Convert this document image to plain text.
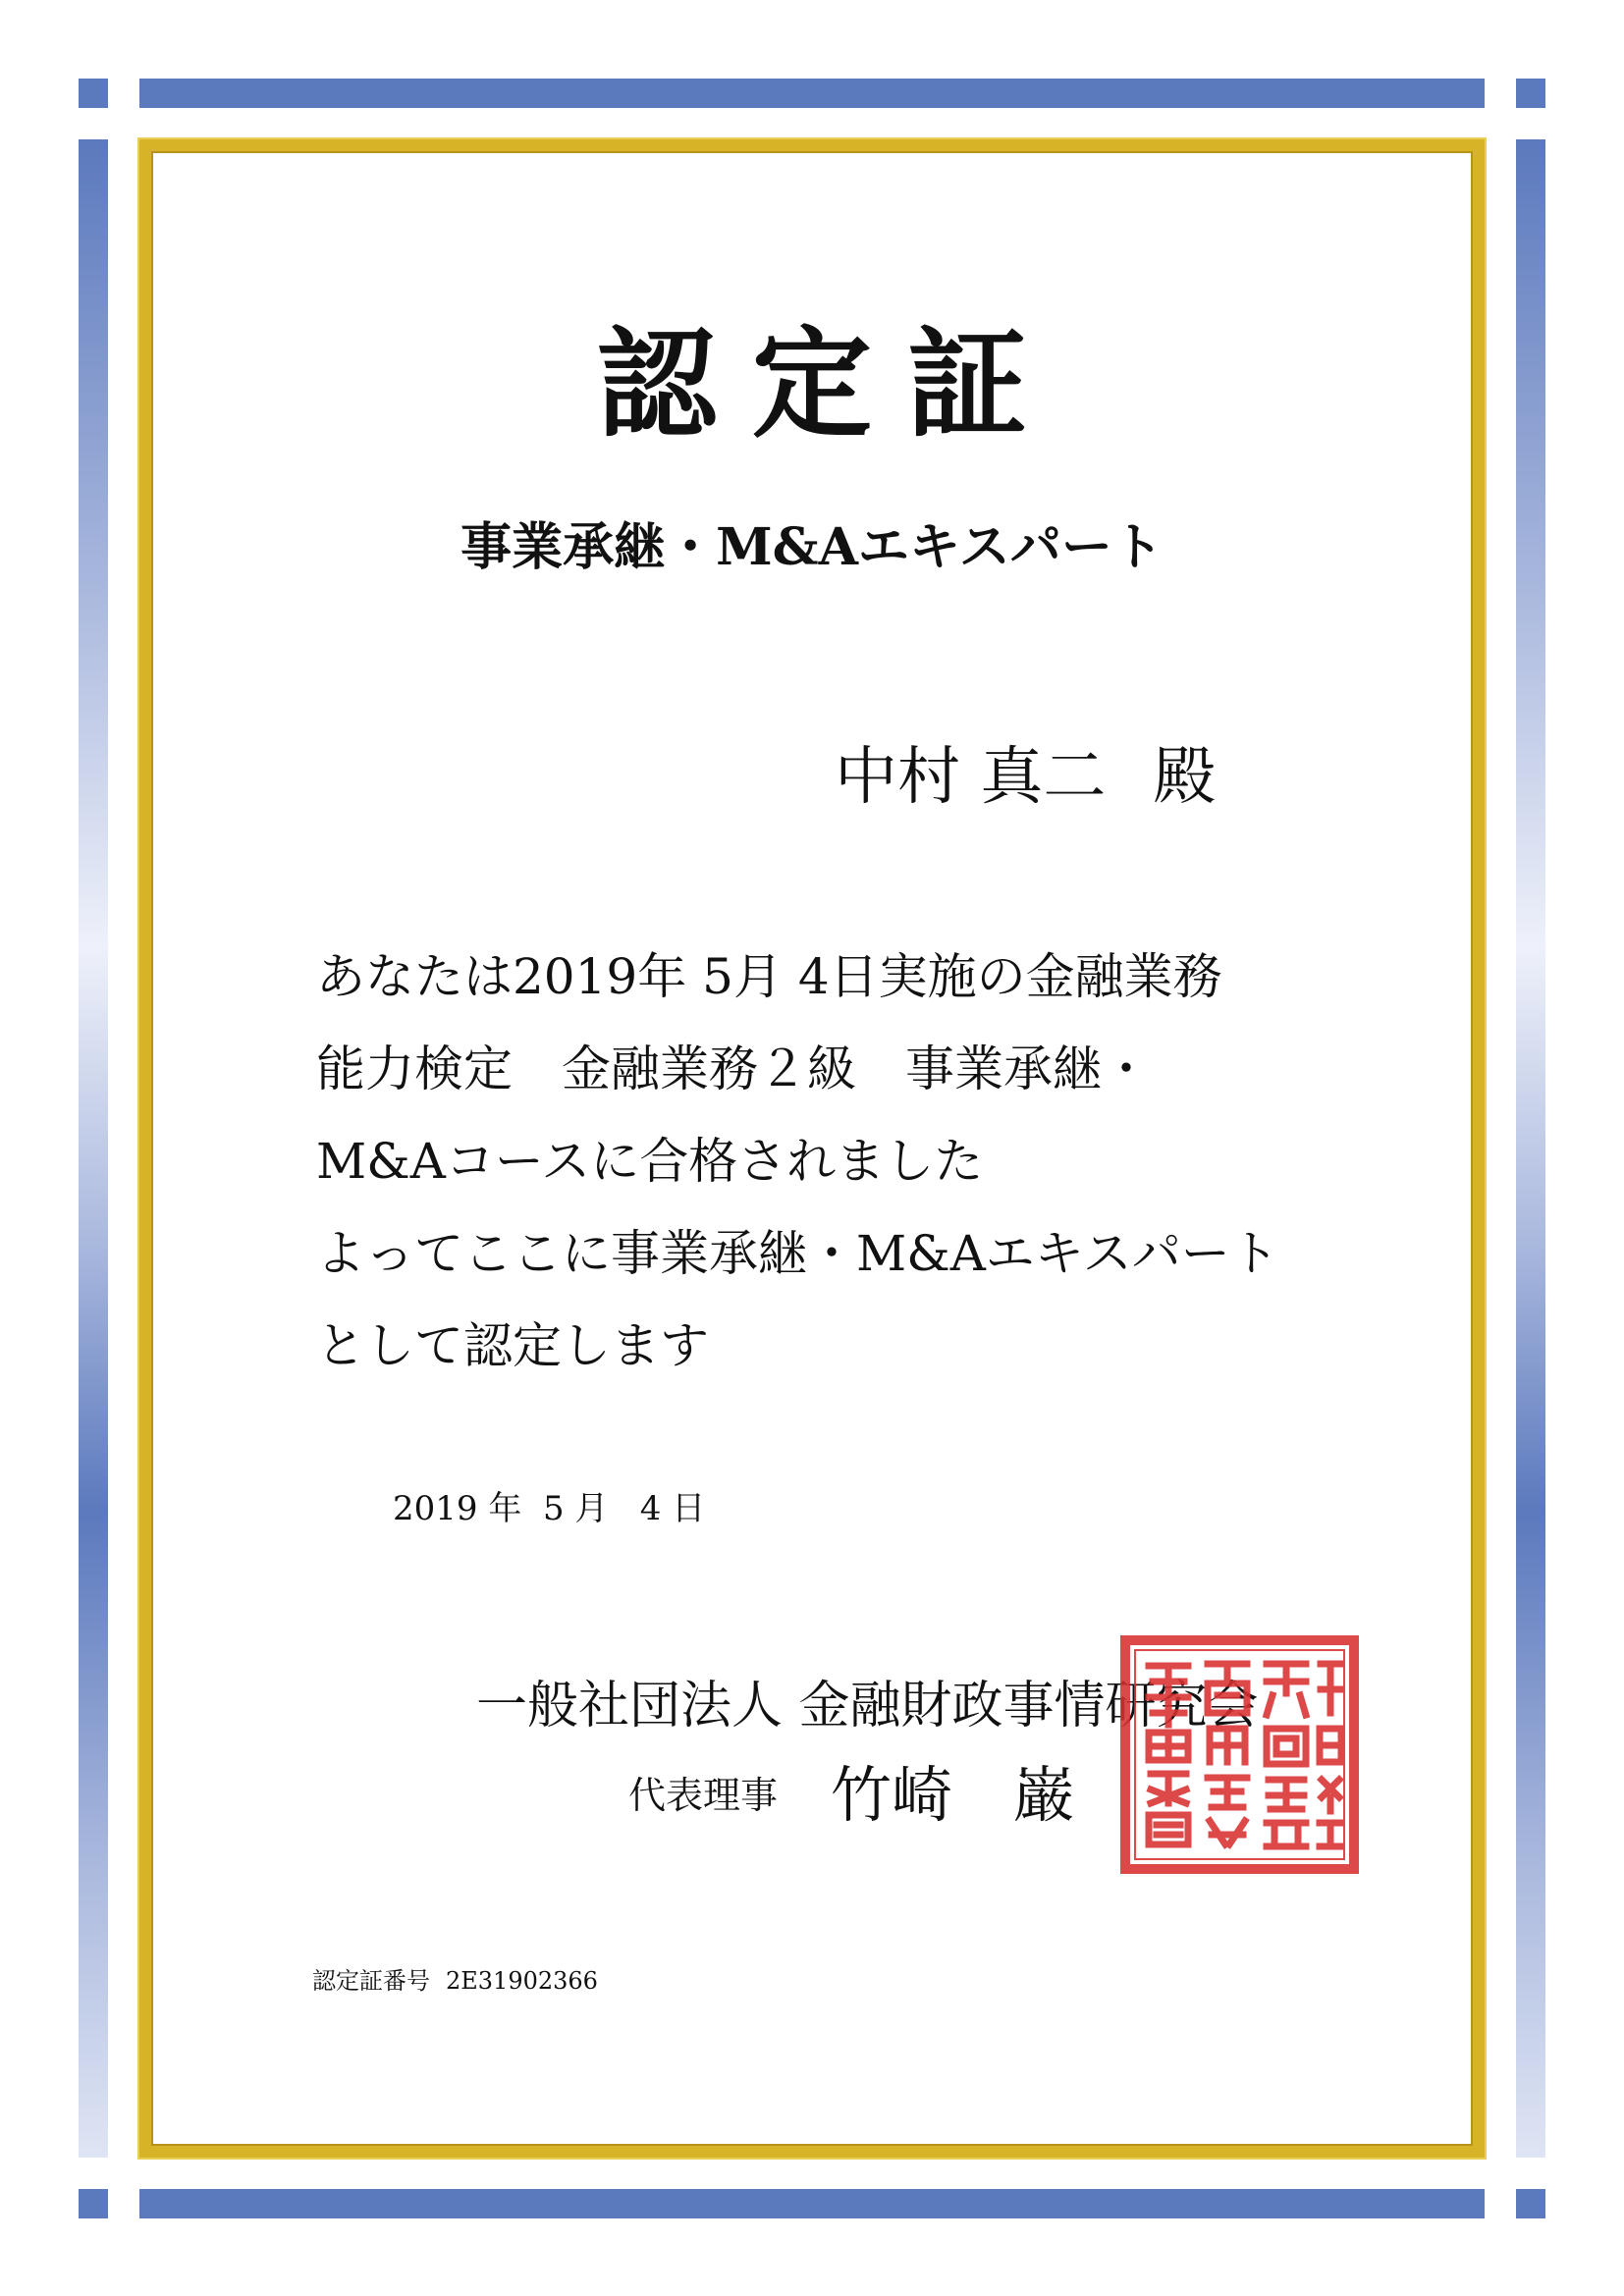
認定証
事業承継・M&Aエキスパート
中村 真二 殿
あなたは2019年 5月 4日実施の金融業務
能力検定　金融業務２級　事業承継・
M&Aコースに合格されました
よってここに事業承継・M&Aエキスパート
として認定します
2019 年  5 月   4 日
一般社団法人 金融財政事情研究会
代表理事 竹崎　巌
認定証番号 2E31902366
